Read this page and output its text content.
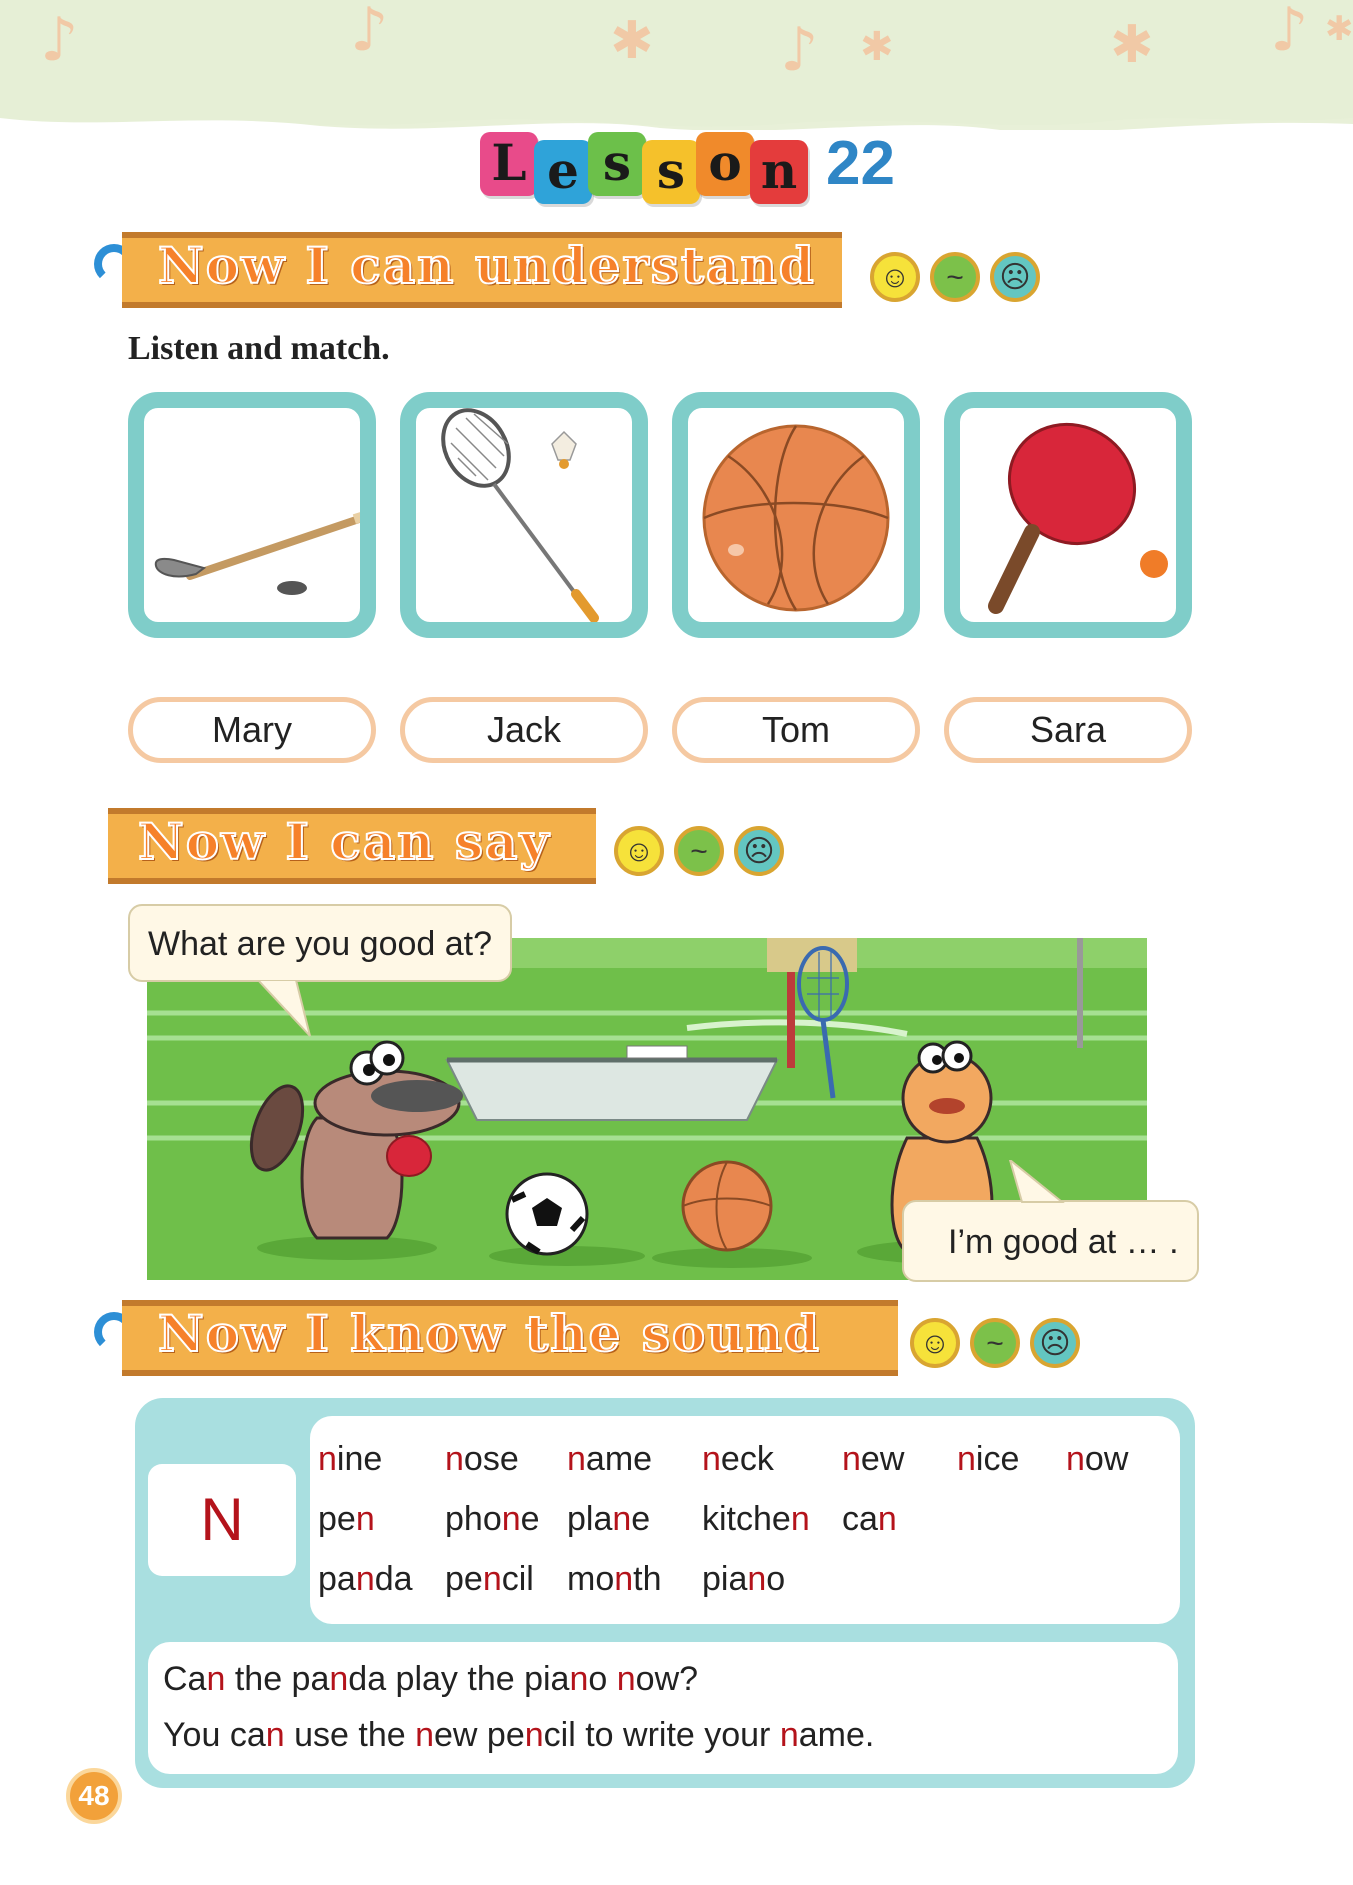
♪	♪	✱ ♪ ✱	✱ ♪ ✱
L e s s o n 22
Now I can understand	☺	~	☹
Listen and match.
Mary	Jack	Tom	Sara
Now I can say	☺	~	☹
What are you good at?
I’m good at … .
Now I know the sound	☺	~	☹
N
nine nose name neck new nice now
pen phone plane kitchen can
panda pencil month piano
Can the panda play the piano now?
You can use the new pencil to write your name.
48
